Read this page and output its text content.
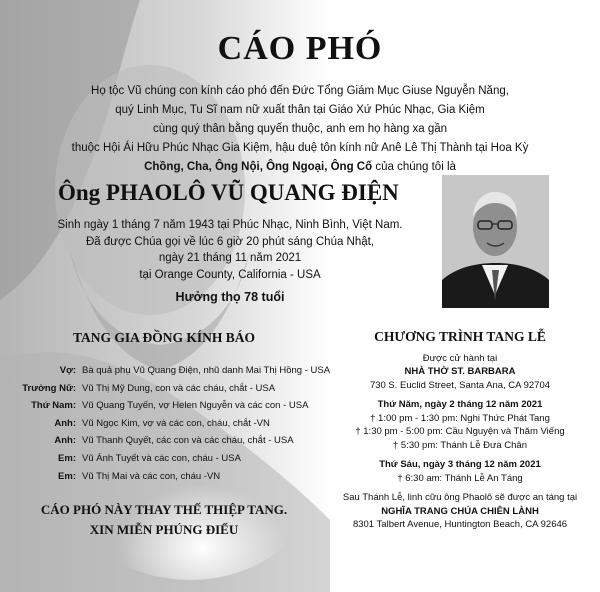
CÁO PHÓ
Họ tộc Vũ chúng con kính cáo phó đến Đức Tổng Giám Mục Giuse Nguyễn Năng,
quý Linh Mục, Tu Sĩ nam nữ xuất thân tại Giáo Xứ Phúc Nhạc, Gia Kiệm
cùng quý thân bằng quyến thuộc, anh em họ hàng xa gần
thuộc Hội Ái Hữu Phúc Nhạc Gia Kiệm, hậu duệ tôn kính nữ Anê Lê Thị Thành tại Hoa Kỳ
Chồng, Cha, Ông Nội, Ông Ngoại, Ông Cố của chúng tôi là
Ông PHAOLÔ VŨ QUANG ĐIỆN
Sinh ngày 1 tháng 7 năm 1943 tại Phúc Nhạc, Ninh Bình, Việt Nam.
Đã được Chúa gọi về lúc 6 giờ 20 phút sáng Chúa Nhật,
ngày 21 tháng 11 năm 2021
tại Orange County, California - USA
Hưởng thọ 78 tuổi
TANG GIA ĐỒNG KÍNH BÁO
Vợ: Bà quả phụ Vũ Quang Điện, nhũ danh Mai Thị Hồng - USA
Trưởng Nữ: Vũ Thị Mỹ Dung, con và các cháu, chắt - USA
Thứ Nam: Vũ Quang Tuyến, vợ Helen Nguyễn và các con - USA
Anh: Vũ Ngọc Kim, vợ và các con, cháu, chắt -VN
Anh: Vũ Thanh Quyết, các con và các cháu, chắt - USA
Em: Vũ Ánh Tuyết và các con, cháu - USA
Em: Vũ Thị Mai và các con, cháu -VN
CÁO PHÓ NÀY THAY THẾ THIỆP TANG.
XIN MIỄN PHÚNG ĐIẾU
CHƯƠNG TRÌNH TANG LỄ
Được cử hành tại
NHÀ THỜ ST. BARBARA
730 S. Euclid Street, Santa Ana, CA 92704
Thứ Năm, ngày 2 tháng 12 năm 2021
† 1:00 pm - 1:30 pm: Nghi Thức Phát Tang
† 1:30 pm - 5:00 pm: Cầu Nguyện và Thăm Viếng
† 5:30 pm: Thánh Lễ Đưa Chân
Thứ Sáu, ngày 3 tháng 12 năm 2021
† 6:30 am: Thánh Lễ An Táng
Sau Thánh Lễ, linh cữu ông Phaolô sẽ được an táng tại
NGHĨA TRANG CHÚA CHIÊN LÀNH
8301 Talbert Avenue, Huntington Beach, CA 92646
